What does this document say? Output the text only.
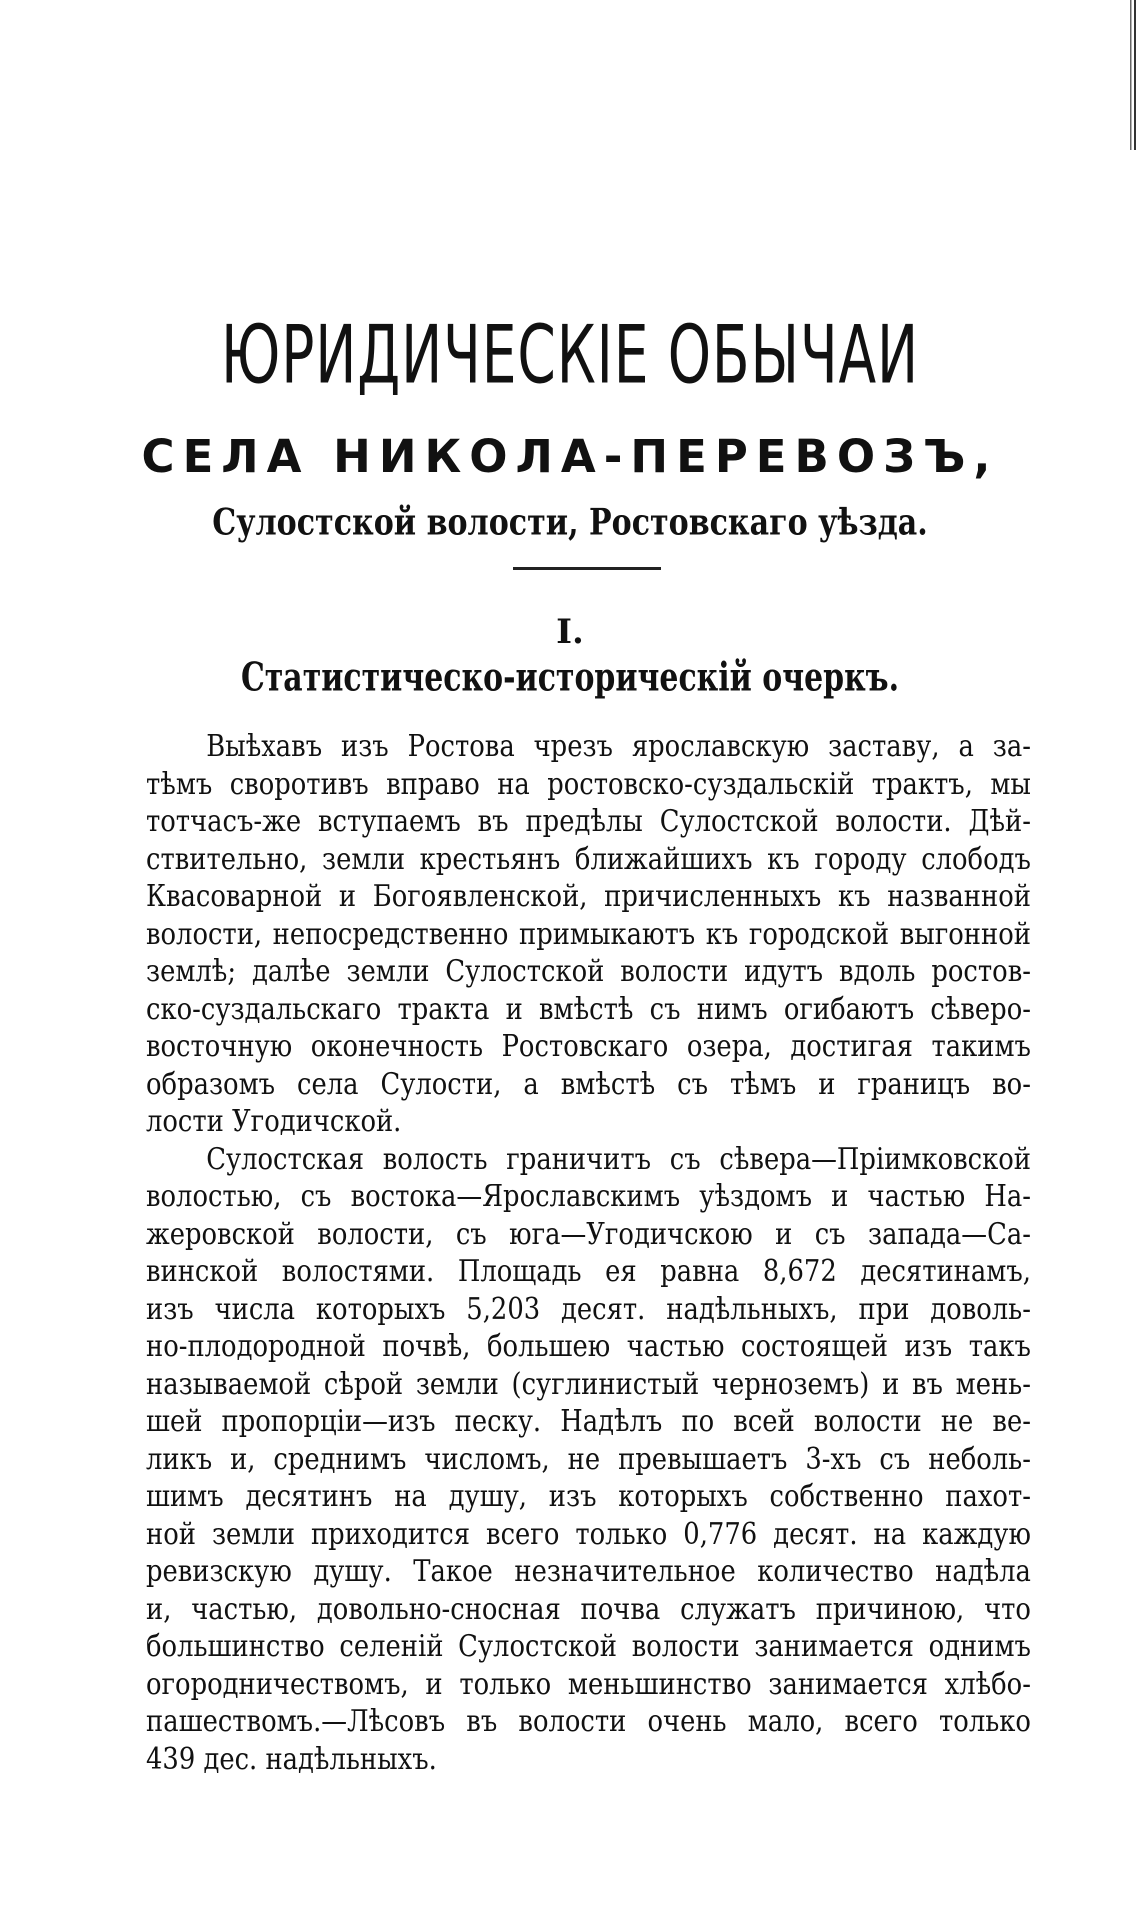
ЮРИДИЧЕСКІЕ ОБЫЧАИ
СЕЛА НИКОЛА-ПЕРЕВОЗЪ,
Сулостской волости, Ростовскаго уѣзда.
I.
Статистическо-историческій очеркъ.
Выѣхавъ изъ Ростова чрезъ ярославскую заставу, а за-
тѣмъ своротивъ вправо на ростовско-суздальскій трактъ, мы
тотчасъ-же вступаемъ въ предѣлы Сулостской волости. Дѣй-
ствительно, земли крестьянъ ближайшихъ къ городу слободъ
Квасоварной и Богоявленской, причисленныхъ къ названной
волости, непосредственно примыкаютъ къ городской выгонной
землѣ; далѣе земли Сулостской волости идутъ вдоль ростов-
ско-суздальскаго тракта и вмѣстѣ съ нимъ огибаютъ сѣверо-
восточную оконечность Ростовскаго озера, достигая такимъ
образомъ села Сулости, а вмѣстѣ съ тѣмъ и границъ во-
лости Угодичской.
Сулостская волость граничитъ съ сѣвера—Пріимковской
волостью, съ востока—Ярославскимъ уѣздомъ и частью На-
жеровской волости, съ юга—Угодичскою и съ запада—Са-
винской волостями. Площадь ея равна 8,672 десятинамъ,
изъ числа которыхъ 5,203 десят. надѣльныхъ, при доволь-
но-плодородной почвѣ, большею частью состоящей изъ такъ
называемой сѣрой земли (суглинистый черноземъ) и въ мень-
шей пропорціи—изъ песку. Надѣлъ по всей волости не ве-
ликъ и, среднимъ числомъ, не превышаетъ 3-хъ съ неболь-
шимъ десятинъ на душу, изъ которыхъ собственно пахот-
ной земли приходится всего только 0,776 десят. на каждую
ревизскую душу. Такое незначительное количество надѣла
и, частью, довольно-сносная почва служатъ причиною, что
большинство селеній Сулостской волости занимается однимъ
огородничествомъ, и только меньшинство занимается хлѣбо-
пашествомъ.—Лѣсовъ въ волости очень мало, всего только
439 дес. надѣльныхъ.
